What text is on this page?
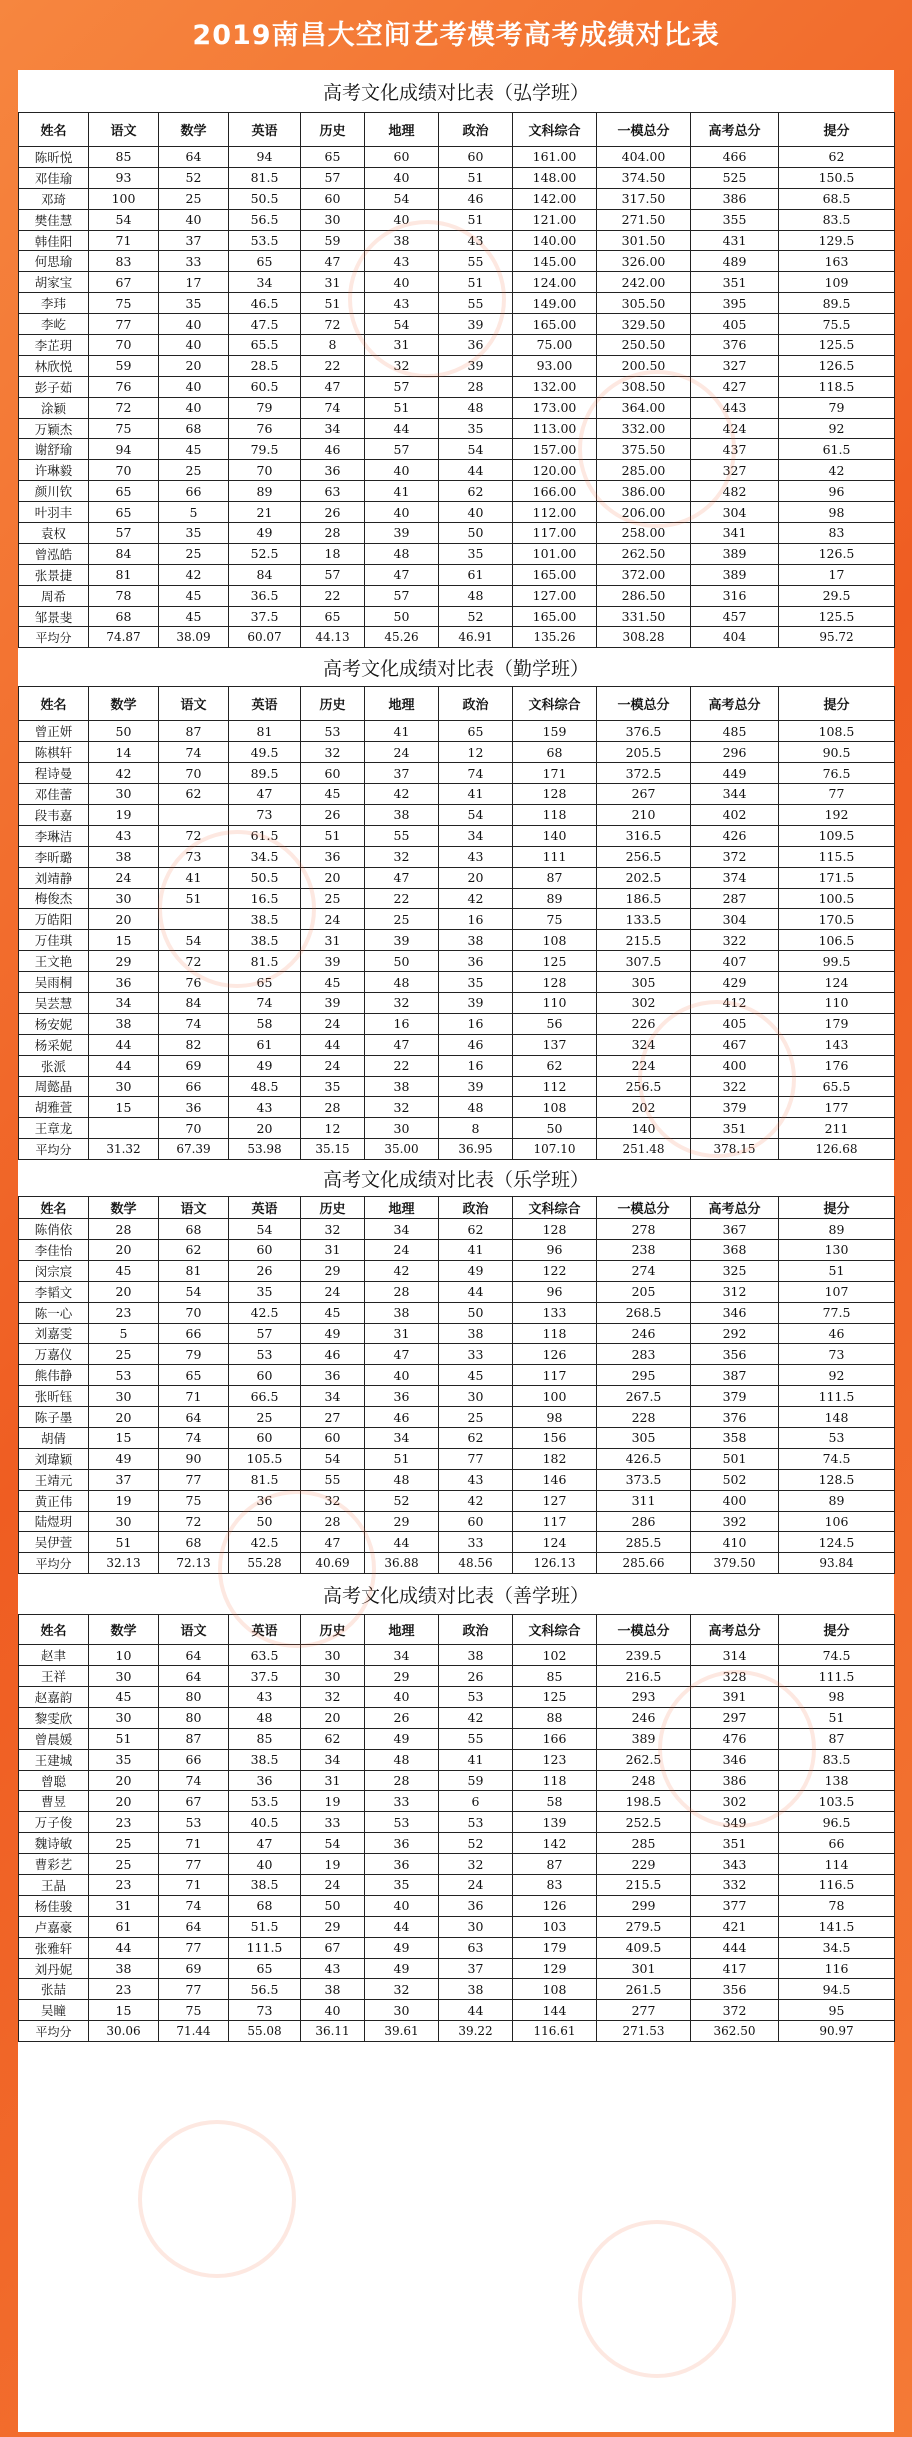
2019南昌大空间艺考模考高考成绩对比表
高考文化成绩对比表（弘学班）
姓名	语文	数学	英语	历史	地理	政治	文科综合	一模总分	高考总分	提分
陈昕悦	85	64	94	65	60	60	161.00	404.00	466	62
邓佳瑜	93	52	81.5	57	40	51	148.00	374.50	525	150.5
邓琦	100	25	50.5	60	54	46	142.00	317.50	386	68.5
樊佳慧	54	40	56.5	30	40	51	121.00	271.50	355	83.5
韩佳阳	71	37	53.5	59	38	43	140.00	301.50	431	129.5
何思瑜	83	33	65	47	43	55	145.00	326.00	489	163
胡家宝	67	17	34	31	40	51	124.00	242.00	351	109
李玮	75	35	46.5	51	43	55	149.00	305.50	395	89.5
李屹	77	40	47.5	72	54	39	165.00	329.50	405	75.5
李芷玥	70	40	65.5	8	31	36	75.00	250.50	376	125.5
林欣悦	59	20	28.5	22	32	39	93.00	200.50	327	126.5
彭子茹	76	40	60.5	47	57	28	132.00	308.50	427	118.5
涂颖	72	40	79	74	51	48	173.00	364.00	443	79
万颖杰	75	68	76	34	44	35	113.00	332.00	424	92
谢舒瑜	94	45	79.5	46	57	54	157.00	375.50	437	61.5
许琳毅	70	25	70	36	40	44	120.00	285.00	327	42
颜川钦	65	66	89	63	41	62	166.00	386.00	482	96
叶羽丰	65	5	21	26	40	40	112.00	206.00	304	98
袁权	57	35	49	28	39	50	117.00	258.00	341	83
曾泓皓	84	25	52.5	18	48	35	101.00	262.50	389	126.5
张景捷	81	42	84	57	47	61	165.00	372.00	389	17
周希	78	45	36.5	22	57	48	127.00	286.50	316	29.5
邹景斐	68	45	37.5	65	50	52	165.00	331.50	457	125.5
平均分	74.87	38.09	60.07	44.13	45.26	46.91	135.26	308.28	404	95.72
高考文化成绩对比表（勤学班）
姓名	数学	语文	英语	历史	地理	政治	文科综合	一模总分	高考总分	提分
曾正妍	50	87	81	53	41	65	159	376.5	485	108.5
陈棋轩	14	74	49.5	32	24	12	68	205.5	296	90.5
程诗曼	42	70	89.5	60	37	74	171	372.5	449	76.5
邓佳蕾	30	62	47	45	42	41	128	267	344	77
段韦嘉	19		73	26	38	54	118	210	402	192
李琳洁	43	72	61.5	51	55	34	140	316.5	426	109.5
李昕璐	38	73	34.5	36	32	43	111	256.5	372	115.5
刘靖静	24	41	50.5	20	47	20	87	202.5	374	171.5
梅俊杰	30	51	16.5	25	22	42	89	186.5	287	100.5
万皓阳	20		38.5	24	25	16	75	133.5	304	170.5
万佳琪	15	54	38.5	31	39	38	108	215.5	322	106.5
王文艳	29	72	81.5	39	50	36	125	307.5	407	99.5
吴雨桐	36	76	65	45	48	35	128	305	429	124
吴芸慧	34	84	74	39	32	39	110	302	412	110
杨安妮	38	74	58	24	16	16	56	226	405	179
杨采妮	44	82	61	44	47	46	137	324	467	143
张派	44	69	49	24	22	16	62	224	400	176
周懿晶	30	66	48.5	35	38	39	112	256.5	322	65.5
胡雅萱	15	36	43	28	32	48	108	202	379	177
王章龙		70	20	12	30	8	50	140	351	211
平均分	31.32	67.39	53.98	35.15	35.00	36.95	107.10	251.48	378.15	126.68
高考文化成绩对比表（乐学班）
姓名	数学	语文	英语	历史	地理	政治	文科综合	一模总分	高考总分	提分
陈俏依	28	68	54	32	34	62	128	278	367	89
李佳怡	20	62	60	31	24	41	96	238	368	130
闵宗宸	45	81	26	29	42	49	122	274	325	51
李韬文	20	54	35	24	28	44	96	205	312	107
陈一心	23	70	42.5	45	38	50	133	268.5	346	77.5
刘嘉雯	5	66	57	49	31	38	118	246	292	46
万嘉仪	25	79	53	46	47	33	126	283	356	73
熊伟静	53	65	60	36	40	45	117	295	387	92
张昕钰	30	71	66.5	34	36	30	100	267.5	379	111.5
陈子墨	20	64	25	27	46	25	98	228	376	148
胡倩	15	74	60	60	34	62	156	305	358	53
刘瑋颖	49	90	105.5	54	51	77	182	426.5	501	74.5
王靖元	37	77	81.5	55	48	43	146	373.5	502	128.5
黄正伟	19	75	36	32	52	42	127	311	400	89
陆煜玥	30	72	50	28	29	60	117	286	392	106
吴伊萱	51	68	42.5	47	44	33	124	285.5	410	124.5
平均分	32.13	72.13	55.28	40.69	36.88	48.56	126.13	285.66	379.50	93.84
高考文化成绩对比表（善学班）
姓名	数学	语文	英语	历史	地理	政治	文科综合	一模总分	高考总分	提分
赵聿	10	64	63.5	30	34	38	102	239.5	314	74.5
王祥	30	64	37.5	30	29	26	85	216.5	328	111.5
赵嘉韵	45	80	43	32	40	53	125	293	391	98
黎雯欣	30	80	48	20	26	42	88	246	297	51
曾晨媛	51	87	85	62	49	55	166	389	476	87
王建城	35	66	38.5	34	48	41	123	262.5	346	83.5
曾聪	20	74	36	31	28	59	118	248	386	138
曹昱	20	67	53.5	19	33	6	58	198.5	302	103.5
万子俊	23	53	40.5	33	53	53	139	252.5	349	96.5
魏诗敏	25	71	47	54	36	52	142	285	351	66
曹彩艺	25	77	40	19	36	32	87	229	343	114
王晶	23	71	38.5	24	35	24	83	215.5	332	116.5
杨佳骏	31	74	68	50	40	36	126	299	377	78
卢嘉豪	61	64	51.5	29	44	30	103	279.5	421	141.5
张雅轩	44	77	111.5	67	49	63	179	409.5	444	34.5
刘丹妮	38	69	65	43	49	37	129	301	417	116
张喆	23	77	56.5	38	32	38	108	261.5	356	94.5
吴瞳	15	75	73	40	30	44	144	277	372	95
平均分	30.06	71.44	55.08	36.11	39.61	39.22	116.61	271.53	362.50	90.97
